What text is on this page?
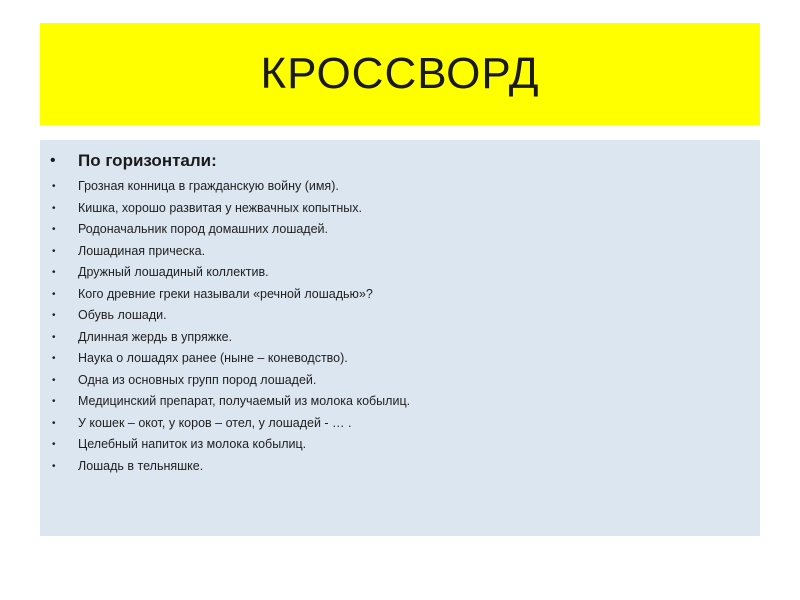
КРОССВОРД
•	По горизонтали:
• Грозная конница в гражданскую войну (имя).
• Кишка, хорошо развитая у нежвачных копытных.
• Родоначальник пород домашних лошадей.
• Лошадиная прическа.
• Дружный лошадиный коллектив.
• Кого древние греки называли «речной лошадью»?
• Обувь лошади.
• Длинная жердь в упряжке.
• Наука о лошадях ранее (ныне – коневодство).
• Одна из основных групп пород лошадей.
• Медицинский препарат, получаемый из молока кобылиц.
• У кошек – окот, у коров – отел, у лошадей - … .
• Целебный напиток из молока кобылиц.
• Лошадь в тельняшке.
